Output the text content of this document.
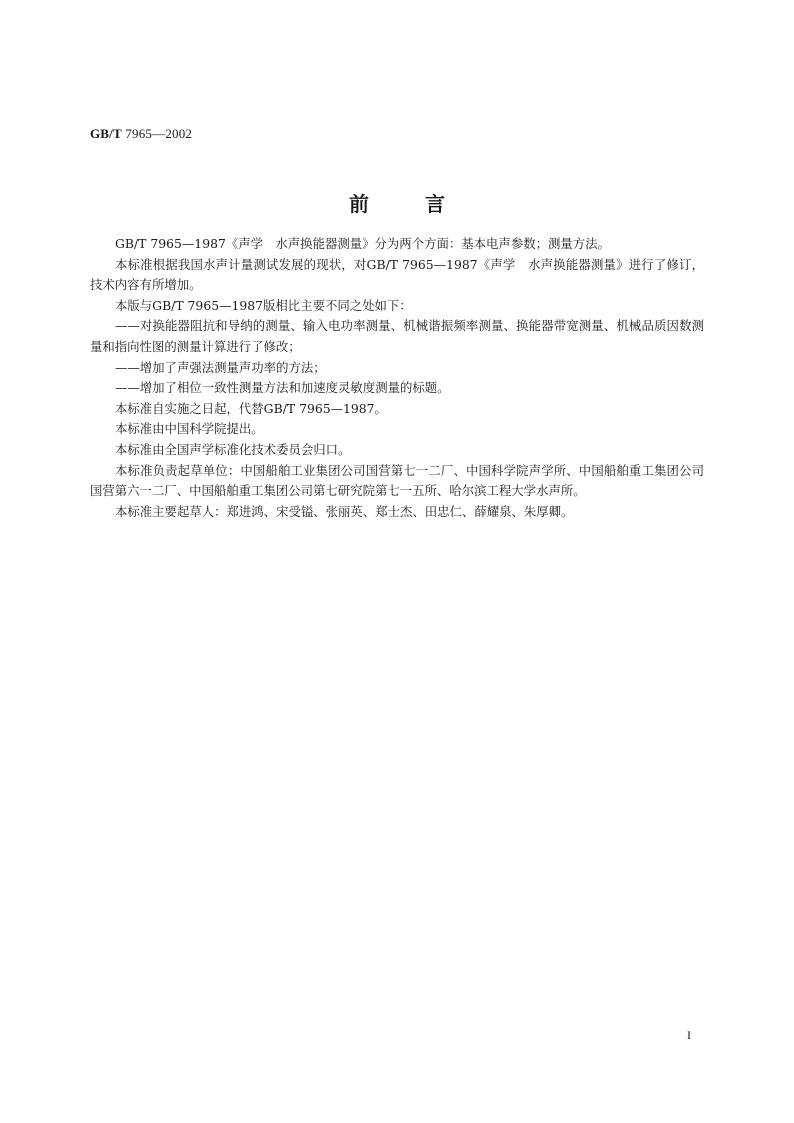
GB/T 7965—2002
前言

GB/T 7965—1987《声学　水声换能器测量》分为两个方面：基本电声参数；测量方法。

本标准根据我国水声计量测试发展的现状，对GB/T 7965—1987《声学　水声换能器测量》进行了修订，技术内容有所增加。

本版与GB/T 7965—1987版相比主要不同之处如下：

——对换能器阻抗和导纳的测量、输入电功率测量、机械谐振频率测量、换能器带宽测量、机械品质因数测量和指向性图的测量计算进行了修改；

——增加了声强法测量声功率的方法；

——增加了相位一致性测量方法和加速度灵敏度测量的标题。

本标准自实施之日起，代替GB/T 7965—1987。

本标准由中国科学院提出。

本标准由全国声学标准化技术委员会归口。

本标准负责起草单位：中国船舶工业集团公司国营第七一二厂、中国科学院声学所、中国船舶重工集团公司国营第六一二厂、中国船舶重工集团公司第七研究院第七一五所、哈尔滨工程大学水声所。

本标准主要起草人：郑进鸿、宋受镒、张丽英、郑士杰、田忠仁、薛耀泉、朱厚卿。

I
